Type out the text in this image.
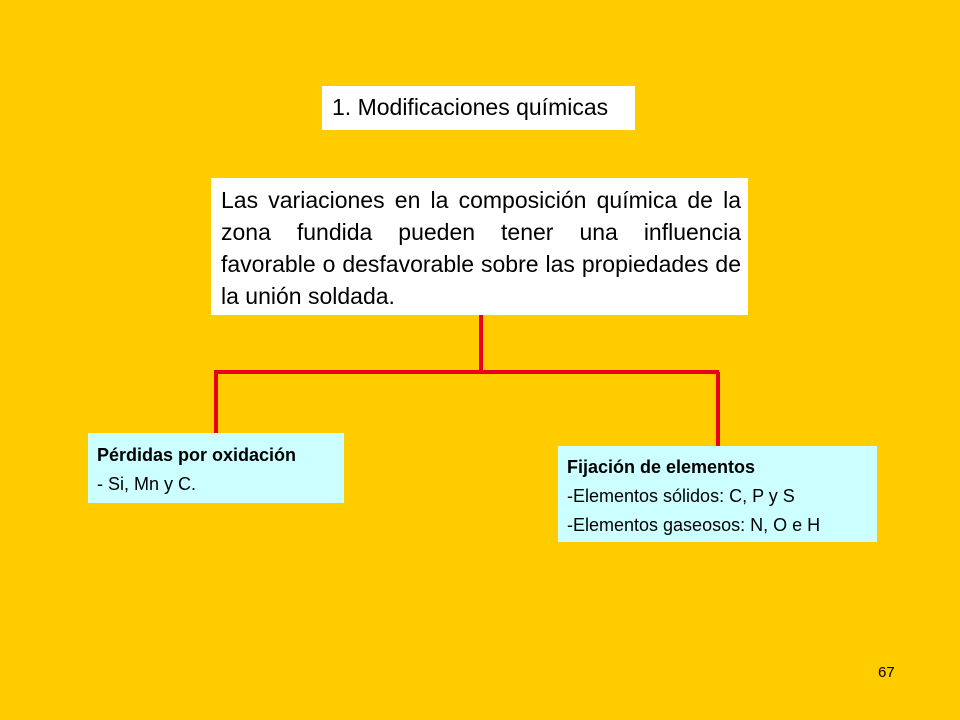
1. Modificaciones químicas
Las variaciones en la composición química de la zona fundida pueden tener una influencia favorable o desfavorable sobre las propiedades de la unión soldada.
Pérdidas por oxidación
- Si, Mn y C.
Fijación de elementos
-Elementos sólidos: C, P y S
-Elementos gaseosos: N, O e H
67
